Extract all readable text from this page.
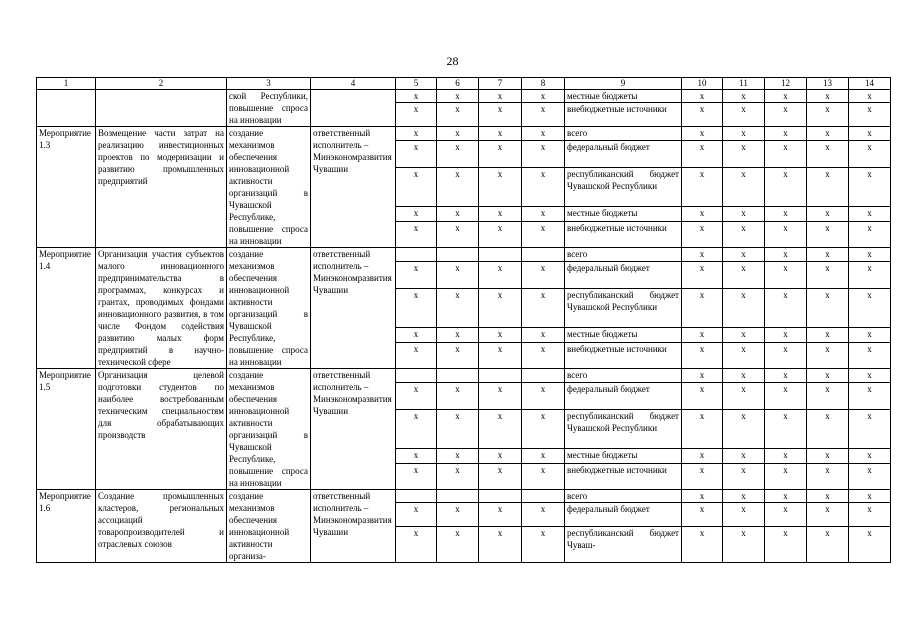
28
1	2	3	4	5	6	7	8	9	10	11	12	13	14
		ской Республики, повышение спроса на инновации		х	х	х	х	местные бюджеты	х	х	х	х	х
				х	х	х	х	внебюджетные источники	х	х	х	х	х
Мероприятие 1.3	Возмещение части затрат на реализацию инвестиционных проектов по модернизации и развитию промышленных предприятий	создание механизмов обеспечения инновационной активности организаций в Чувашской Республике, повышение спроса на инновации	ответственный исполнитель – Минэкономразвития Чувашии	х	х	х	х	всего	х	х	х	х	х
				х	х	х	х	федеральный бюджет	х	х	х	х	х
				х	х	х	х	республиканский бюджет Чувашской Республики	х	х	х	х	х
				х	х	х	х	местные бюджеты	х	х	х	х	х
				х	х	х	х	внебюджетные источники	х	х	х	х	х
Мероприятие 1.4	Организация участия субъектов малого инновационного предпринимательства в программах, конкурсах и грантах, проводимых фондами инновационного развития, в том числе Фондом содействия развитию малых форм предприятий в научно-технической сфере	создание механизмов обеспечения инновационной активности организаций в Чувашской Республике, повышение спроса на инновации	ответственный исполнитель – Минэкономразвития Чувашии					всего	х	х	х	х	х
				х	х	х	х	федеральный бюджет	х	х	х	х	х
				х	х	х	х	республиканский бюджет Чувашской Республики	х	х	х	х	х
				х	х	х	х	местные бюджеты	х	х	х	х	х
				х	х	х	х	внебюджетные источники	х	х	х	х	х
Мероприятие 1.5	Организация целевой подготовки студентов по наиболее востребованным техническим специальностям для обрабатывающих производств	создание механизмов обеспечения инновационной активности организаций в Чувашской Республике, повышение спроса на инновации	ответственный исполнитель – Минэкономразвития Чувашии					всего	х	х	х	х	х
				х	х	х	х	федеральный бюджет	х	х	х	х	х
				х	х	х	х	республиканский бюджет Чувашской Республики	х	х	х	х	х
				х	х	х	х	местные бюджеты	х	х	х	х	х
				х	х	х	х	внебюджетные источники	х	х	х	х	х
Мероприятие 1.6	Создание промышленных кластеров, региональных ассоциаций товаропроизводителей и отраслевых союзов	создание механизмов обеспечения инновационной активности организа-	ответственный исполнитель – Минэкономразвития Чувашии					всего	х	х	х	х	х
				х	х	х	х	федеральный бюджет	х	х	х	х	х
				х	х	х	х	республиканский бюджет Чуваш-	х	х	х	х	х
